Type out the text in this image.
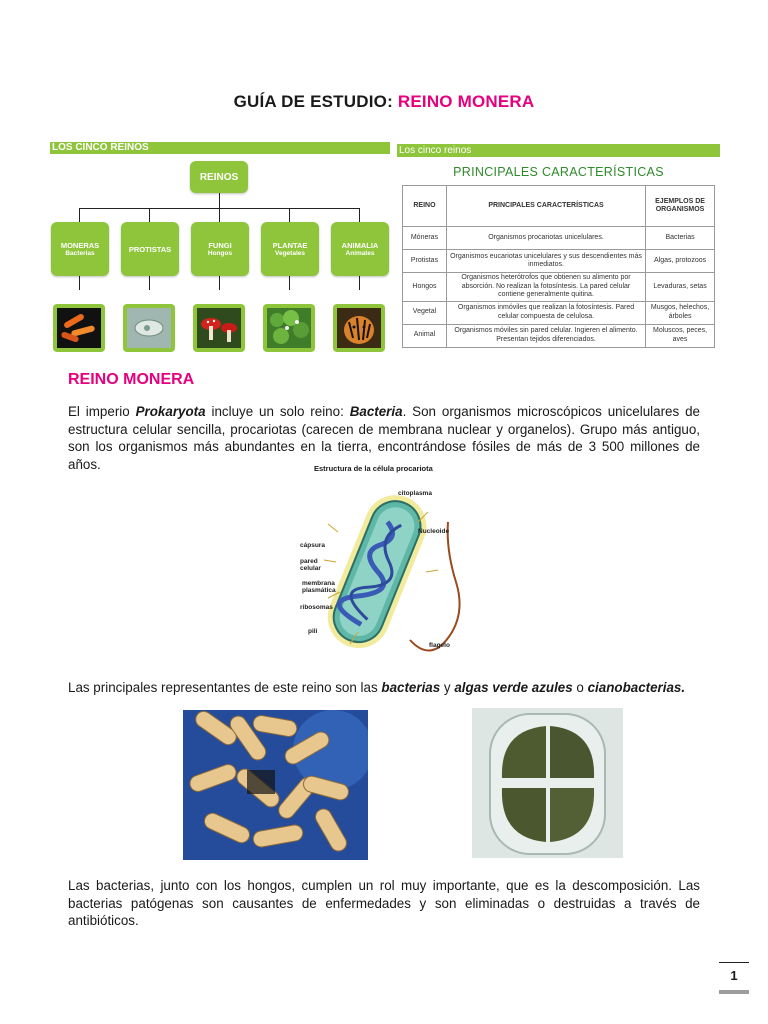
GUÍA DE ESTUDIO: REINO MONERA
LOS CINCO REINOS
REINOS
MONERAS
Bacterias	PROTISTAS	FUNGI
Hongos
PLANTAE
Vegetales
ANIMALIA
Animales
Los cinco reinos
PRINCIPALES CARACTERÍSTICAS
REINO	PRINCIPALES CARACTERÍSTICAS	EJEMPLOS DE ORGANISMOS
Móneras	Organismos procariotas unicelulares.	Bacterias
Protistas	Organismos eucariotas unicelulares y sus descendientes más inmediatos.	Algas, protozoos
Hongos	Organismos heterótrofos que obtienen su alimento por absorción. No realizan la fotosíntesis. La pared celular contiene generalmente quitina.	Levaduras, setas
Vegetal	Organismos inmóviles que realizan la fotosíntesis. Pared celular compuesta de celulosa.	Musgos, helechos, árboles
Animal	Organismos móviles sin pared celular. Ingieren el alimento. Presentan tejidos diferenciados.	Moluscos, peces, aves
REINO MONERA
El imperio Prokaryota incluye un solo reino: Bacteria. Son organismos microscópicos unicelulares de estructura celular sencilla, procariotas (carecen de membrana nuclear y organelos). Grupo más antiguo, son los organismos más abundantes en la tierra, encontrándose fósiles de más de 3 500 millones de años.	Estructura de la célula procariota
citoplasma
Nucleoide
cápsura
pared celular
membrana plasmática
ribosomas
pili
flagelo
Las principales representantes de este reino son las bacterias y algas verde azules o cianobacterias.
Las bacterias, junto con los hongos, cumplen un rol muy importante, que es la descomposición. Las bacterias patógenas son causantes de enfermedades y son eliminadas o destruidas a través de antibióticos.
1
